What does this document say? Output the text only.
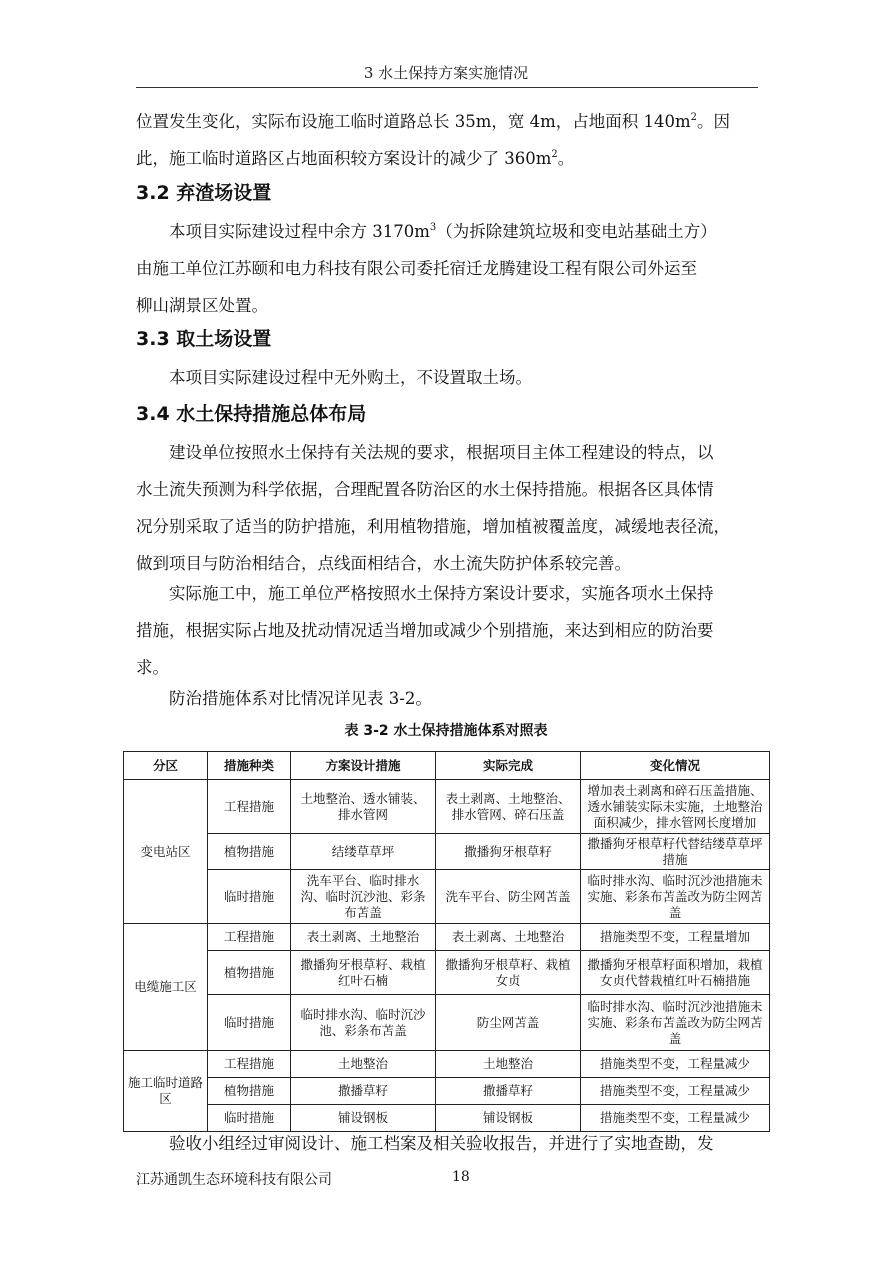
3 水土保持方案实施情况

位置发生变化，实际布设施工临时道路总长 35m，宽 4m，占地面积 $140m^2$。因
此，施工临时道路区占地面积较方案设计的减少了 $360m^2$。

3.2 弃渣场设置

本项目实际建设过程中余方 $3170m^3$（为拆除建筑垃圾和变电站基础土方）
由施工单位江苏颐和电力科技有限公司委托宿迁龙腾建设工程有限公司外运至
柳山湖景区处置。

3.3 取土场设置

本项目实际建设过程中无外购土，不设置取土场。

3.4 水土保持措施总体布局

建设单位按照水土保持有关法规的要求，根据项目主体工程建设的特点，以
水土流失预测为科学依据，合理配置各防治区的水土保持措施。根据各区具体情
况分别采取了适当的防护措施，利用植物措施，增加植被覆盖度，减缓地表径流，
做到项目与防治相结合，点线面相结合，水土流失防护体系较完善。

实际施工中，施工单位严格按照水土保持方案设计要求，实施各项水土保持
措施，根据实际占地及扰动情况适当增加或减少个别措施，来达到相应的防治要
求。

防治措施体系对比情况详见表 3-2。

表 3-2 水土保持措施体系对照表
分区	措施种类	方案设计措施	实际完成	变化情况
变电站区	工程措施	土地整治、透水铺装、排水管网	表土剥离、土地整治、排水管网、碎石压盖	增加表土剥离和碎石压盖措施、透水铺装实际未实施，土地整治面积减少，排水管网长度增加
	植物措施	结缕草草坪	撒播狗牙根草籽	撒播狗牙根草籽代替结缕草草坪措施
	临时措施	洗车平台、临时排水沟、临时沉沙池、彩条布苫盖	洗车平台、防尘网苫盖	临时排水沟、临时沉沙池措施未实施、彩条布苫盖改为防尘网苫盖
电缆施工区	工程措施	表土剥离、土地整治	表土剥离、土地整治	措施类型不变，工程量增加
	植物措施	撒播狗牙根草籽、栽植红叶石楠	撒播狗牙根草籽、栽植女贞	撒播狗牙根草籽面积增加，栽植女贞代替栽植红叶石楠措施
	临时措施	临时排水沟、临时沉沙池、彩条布苫盖	防尘网苫盖	临时排水沟、临时沉沙池措施未实施、彩条布苫盖改为防尘网苫盖
施工临时道路区	工程措施	土地整治	土地整治	措施类型不变，工程量减少
	植物措施	撒播草籽	撒播草籽	措施类型不变，工程量减少
	临时措施	铺设钢板	铺设钢板	措施类型不变，工程量减少

验收小组经过审阅设计、施工档案及相关验收报告，并进行了实地查勘，发

江苏通凯生态环境科技有限公司	18
